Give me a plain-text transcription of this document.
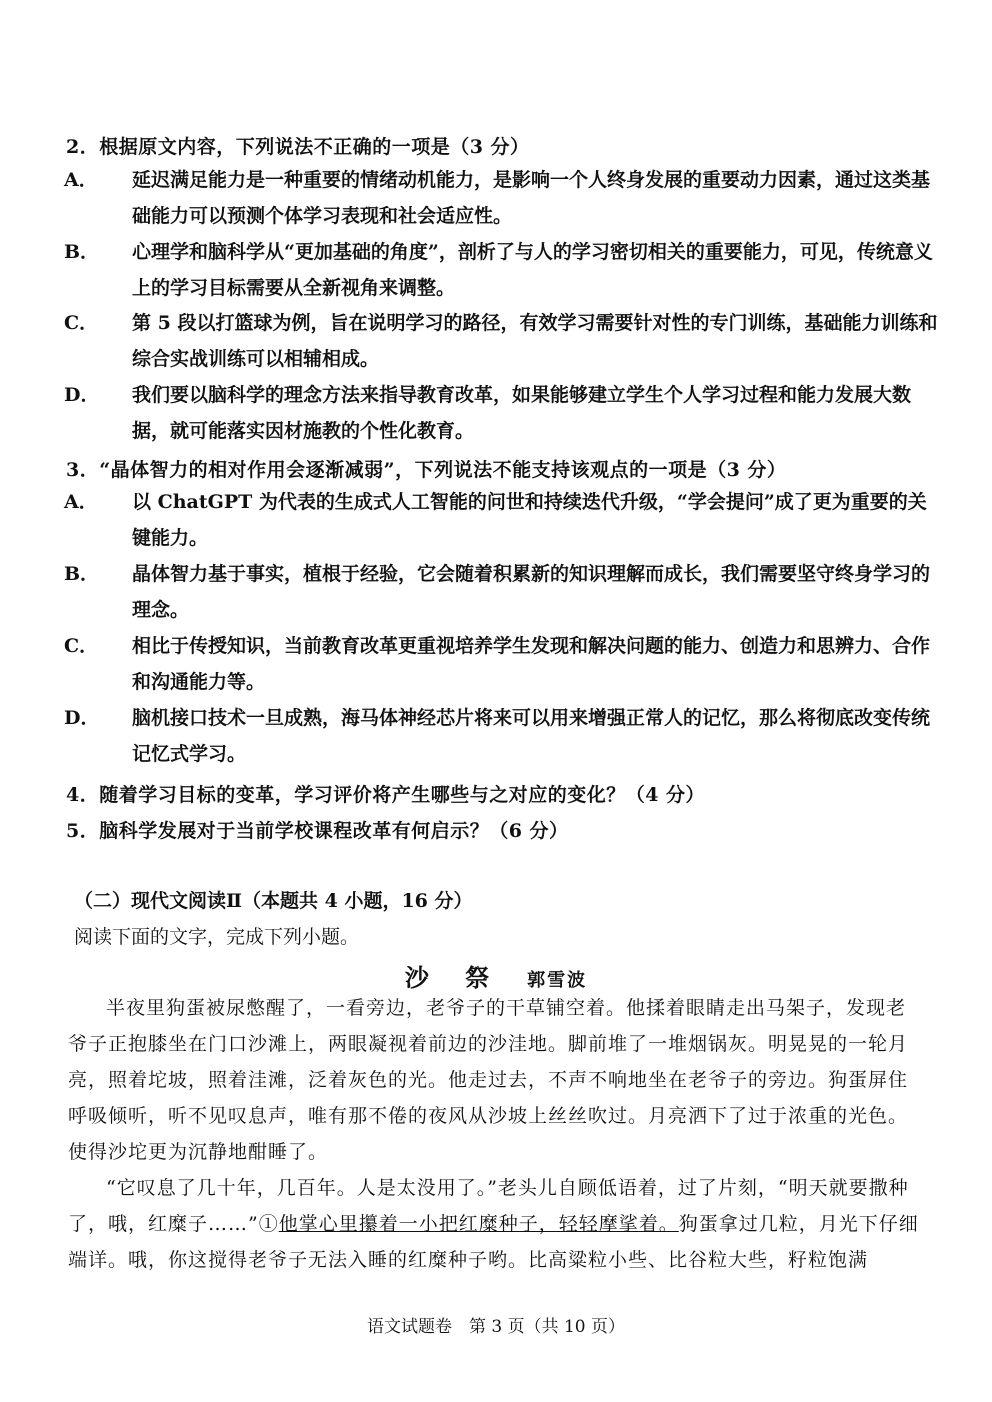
2．根据原文内容，下列说法不正确的一项是（3 分）
A． 延迟满足能力是一种重要的情绪动机能力，是影响一个人终身发展的重要动力因素，通过这类基础能力可以预测个体学习表现和社会适应性。
B． 心理学和脑科学从“更加基础的角度”，剖析了与人的学习密切相关的重要能力，可见，传统意义上的学习目标需要从全新视角来调整。
C． 第 5 段以打篮球为例，旨在说明学习的路径，有效学习需要针对性的专门训练，基础能力训练和综合实战训练可以相辅相成。
D． 我们要以脑科学的理念方法来指导教育改革，如果能够建立学生个人学习过程和能力发展大数据，就可能落实因材施教的个性化教育。
3．“晶体智力的相对作用会逐渐减弱”，下列说法不能支持该观点的一项是（3 分）
A． 以 ChatGPT 为代表的生成式人工智能的问世和持续迭代升级，“学会提问”成了更为重要的关键能力。
B． 晶体智力基于事实，植根于经验，它会随着积累新的知识理解而成长，我们需要坚守终身学习的理念。
C． 相比于传授知识，当前教育改革更重视培养学生发现和解决问题的能力、创造力和思辨力、合作和沟通能力等。
D． 脑机接口技术一旦成熟，海马体神经芯片将来可以用来增强正常人的记忆，那么将彻底改变传统记忆式学习。
4．随着学习目标的变革，学习评价将产生哪些与之对应的变化？（4 分）
5．脑科学发展对于当前学校课程改革有何启示？（6 分）
（二）现代文阅读Ⅱ（本题共 4 小题，16 分）
阅读下面的文字，完成下列小题。
沙 祭 郭雪波

半夜里狗蛋被尿憋醒了，一看旁边，老爷子的干草铺空着。他揉着眼睛走出马架子，发现老爷子正抱膝坐在门口沙滩上，两眼凝视着前边的沙洼地。脚前堆了一堆烟锅灰。明晃晃的一轮月亮，照着坨坡，照着洼滩，泛着灰色的光。他走过去，不声不响地坐在老爷子的旁边。狗蛋屏住呼吸倾听，听不见叹息声，唯有那不倦的夜风从沙坡上丝丝吹过。月亮洒下了过于浓重的光色。使得沙坨更为沉静地酣睡了。

“它叹息了几十年，几百年。人是太没用了。”老头儿自顾低语着，过了片刻，“明天就要撒种了，哦，红糜子……”①他掌心里攥着一小把红糜种子，轻轻摩挲着。狗蛋拿过几粒，月光下仔细端详。哦，你这搅得老爷子无法入睡的红糜种子哟。比高粱粒小些、比谷粒大些，籽粒饱满

语文试题卷　第 3 页（共 10 页）
